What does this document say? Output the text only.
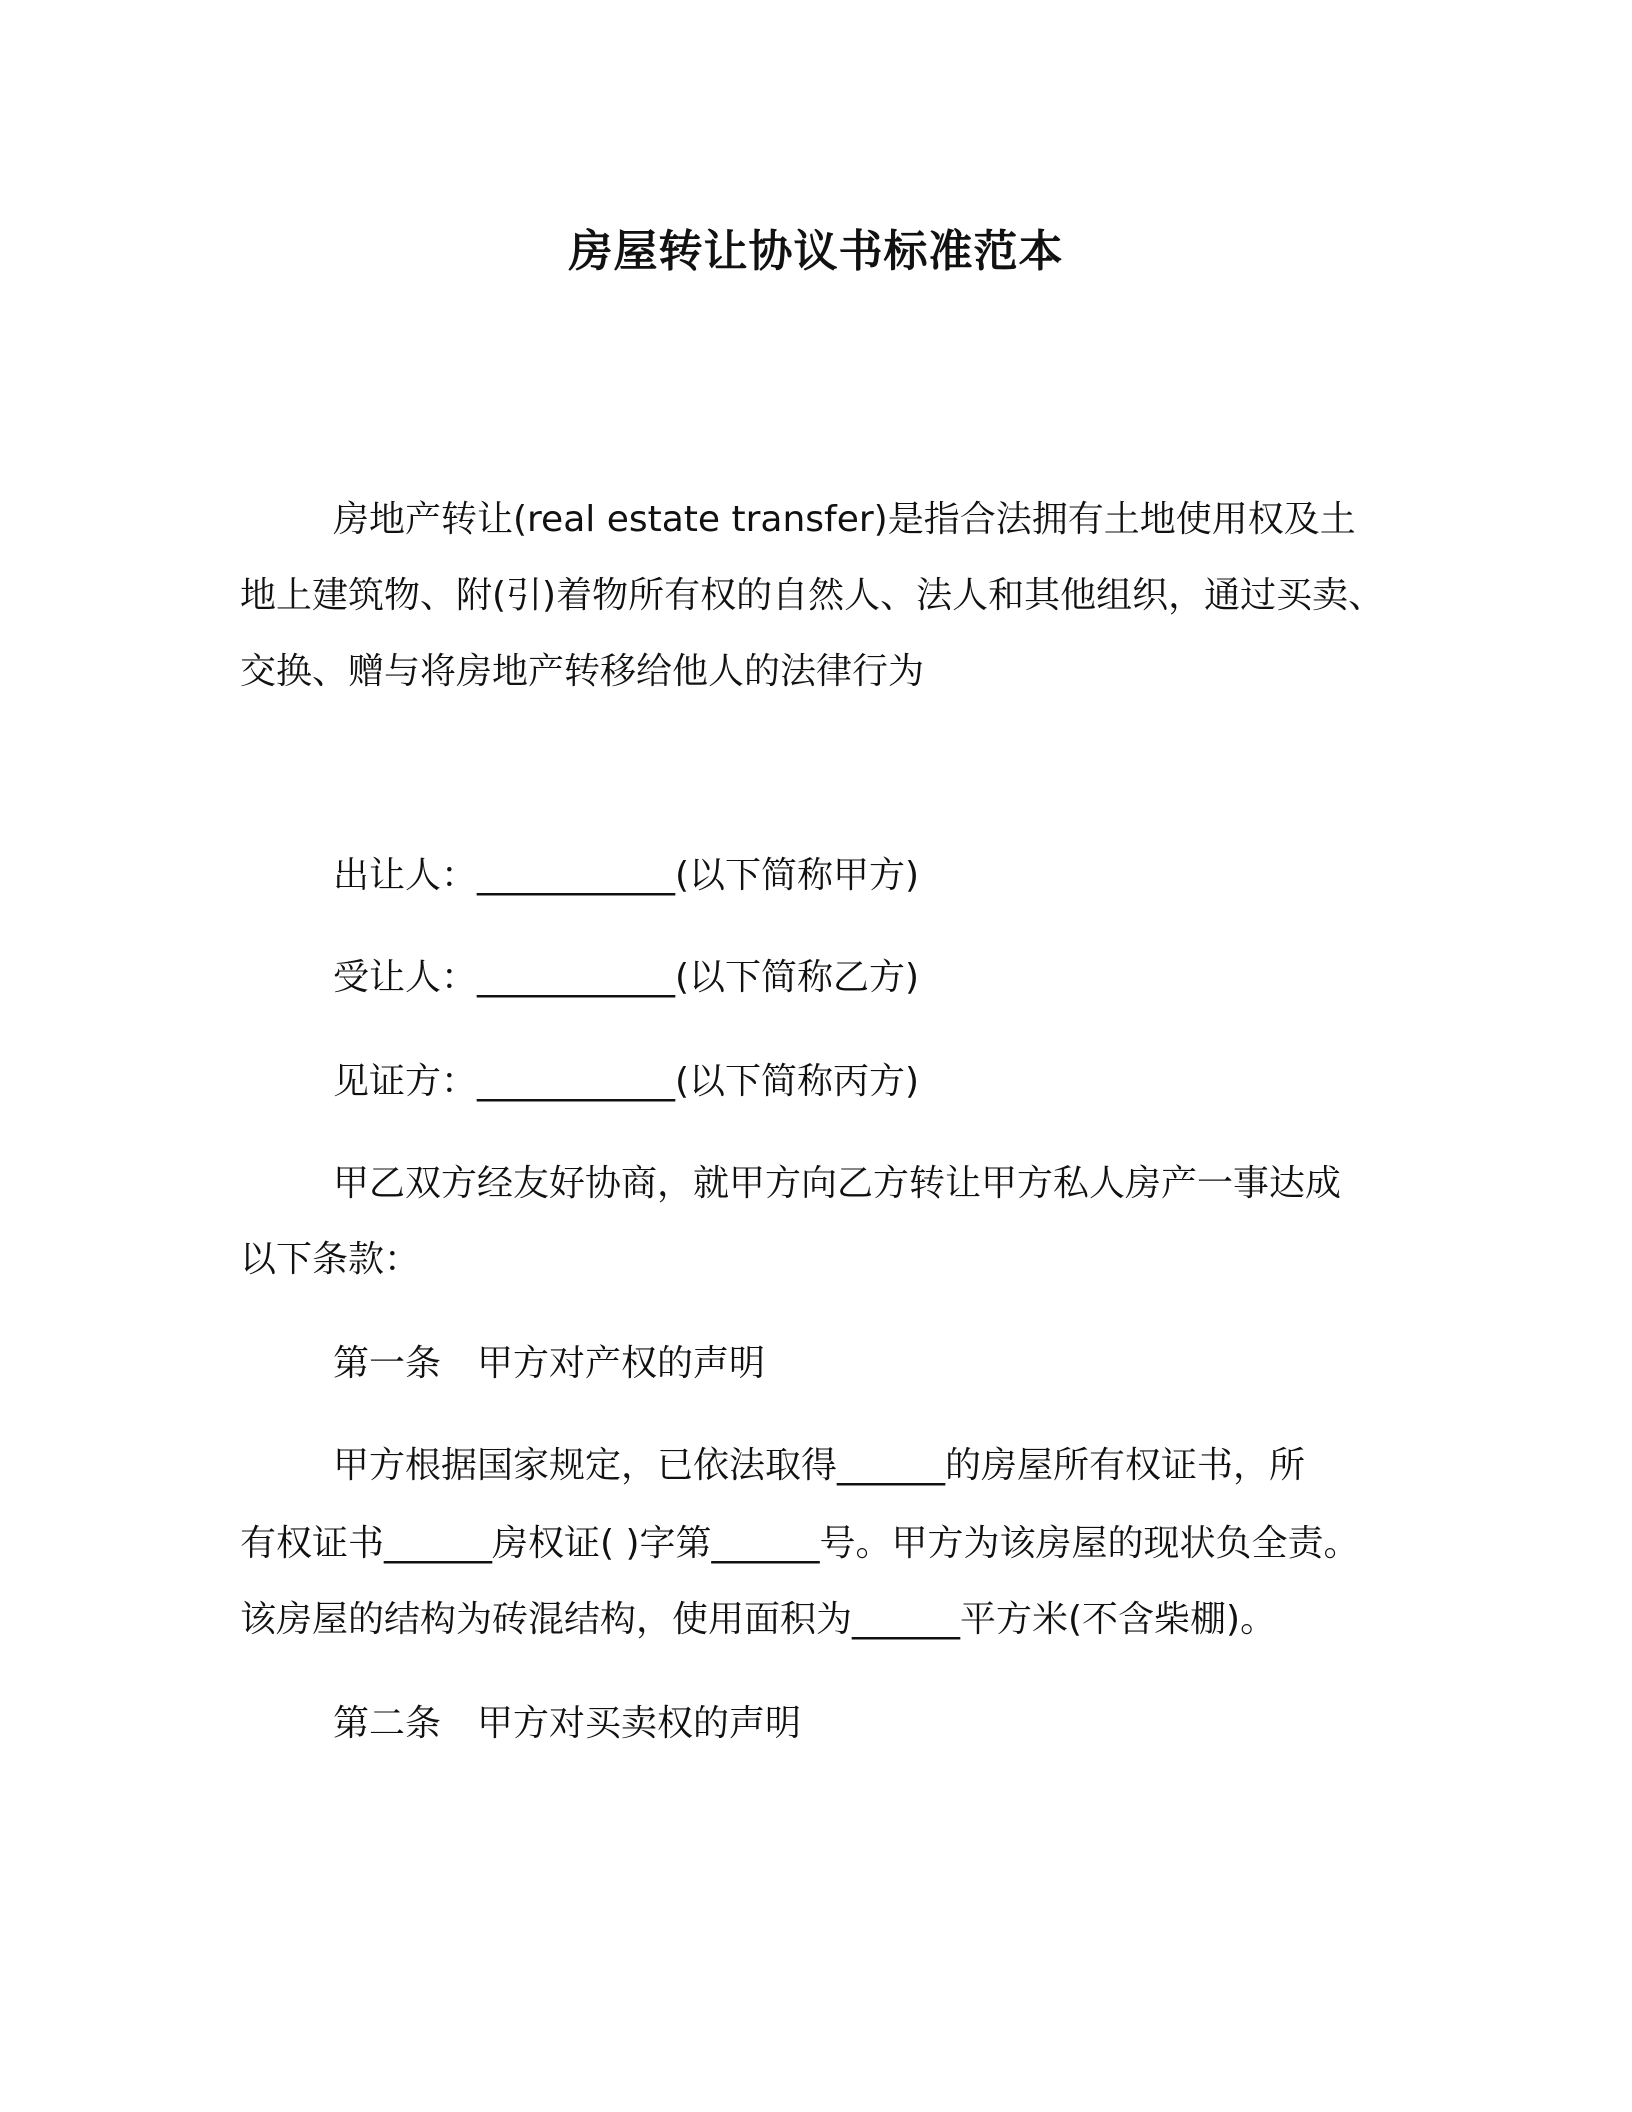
房屋转让协议书标准范本
房地产转让(real estate transfer)是指合法拥有土地使用权及土
地上建筑物、附(引)着物所有权的自然人、法人和其他组织，通过买卖、
交换、赠与将房地产转移给他人的法律行为
出让人：___________(以下简称甲方)
受让人：___________(以下简称乙方)
见证方：___________(以下简称丙方)
甲乙双方经友好协商，就甲方向乙方转让甲方私人房产一事达成
以下条款：
第一条　甲方对产权的声明
甲方根据国家规定，已依法取得______的房屋所有权证书，所
有权证书______房权证( )字第______号。甲方为该房屋的现状负全责。
该房屋的结构为砖混结构，使用面积为______平方米(不含柴棚)。
第二条　甲方对买卖权的声明
